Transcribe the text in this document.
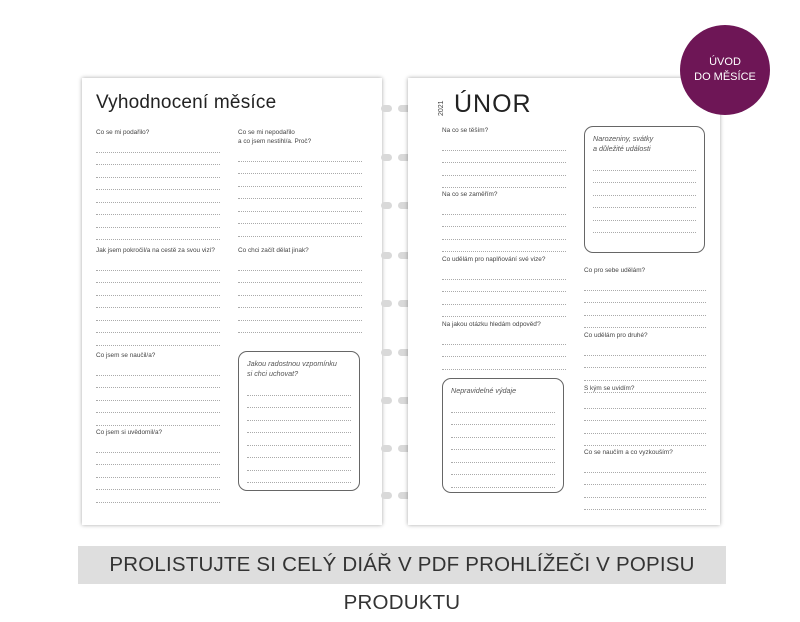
Vyhodnocení měsíce
Co se mi podařilo?	Co se mi nepodařilo
a co jsem nestihl/a. Proč?
Jak jsem pokročil/a na cestě za svou vizí?	Co chci začít dělat jinak?
Co jsem se naučil/a?
Co jsem si uvědomil/a?
Jakou radostnou vzpomínku
si chci uchovat?
2021 ÚNOR
Na co se těším?
Na co se zaměřím?
Co udělám pro naplňování své vize?
Na jakou otázku hledám odpověď?
Nepravidelné výdaje
Narozeniny, svátky
a důležité události
Co pro sebe udělám?
Co udělám pro druhé?
S kým se uvidím?
Co se naučím a co vyzkouším?
ÚVOD
DO MĚSÍCE
PROLISTUJTE SI CELÝ DIÁŘ V PDF PROHLÍŽEČI V POPISU PRODUKTU
